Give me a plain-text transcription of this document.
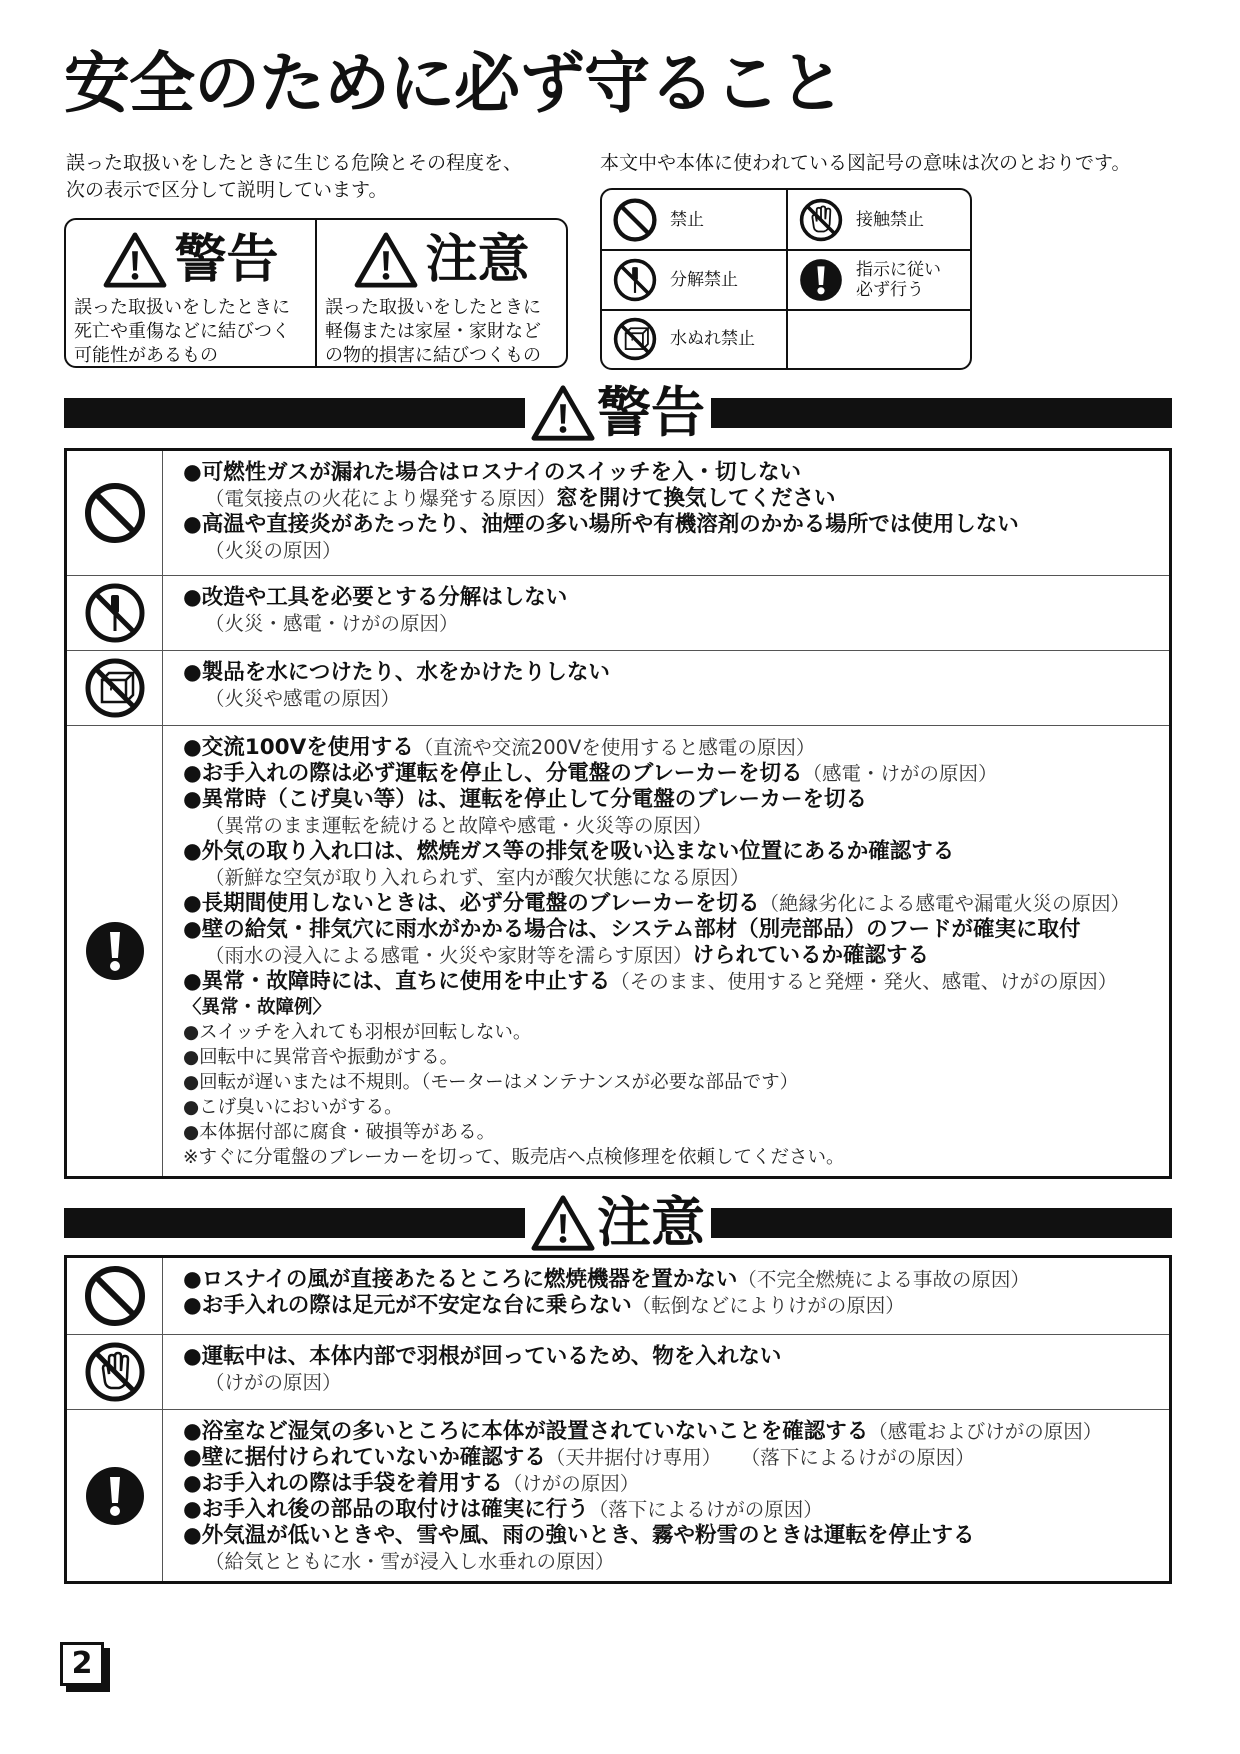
安全のために必ず守ること
誤った取扱いをしたときに生じる危険とその程度を、
次の表示で区分して説明しています。
本文中や本体に使われている図記号の意味は次のとおりです。
警告
誤った取扱いをしたときに
死亡や重傷などに結びつく
可能性があるもの
注意
誤った取扱いをしたときに
軽傷または家屋・家財など
の物的損害に結びつくもの
禁止	接触禁止
分解禁止	指示に従い必ず行う
水ぬれ禁止
警告
●可燃性ガスが漏れた場合はロスナイのスイッチを入・切しない
（電気接点の火花により爆発する原因）窓を開けて換気してください
●高温や直接炎があたったり、油煙の多い場所や有機溶剤のかかる場所では使用しない
（火災の原因）
●改造や工具を必要とする分解はしない
（火災・感電・けがの原因）
●製品を水につけたり、水をかけたりしない
（火災や感電の原因）
●交流100Vを使用する（直流や交流200Vを使用すると感電の原因）
●お手入れの際は必ず運転を停止し、分電盤のブレーカーを切る（感電・けがの原因）
●異常時（こげ臭い等）は、運転を停止して分電盤のブレーカーを切る
（異常のまま運転を続けると故障や感電・火災等の原因）
●外気の取り入れ口は、燃焼ガス等の排気を吸い込まない位置にあるか確認する
（新鮮な空気が取り入れられず、室内が酸欠状態になる原因）
●長期間使用しないときは、必ず分電盤のブレーカーを切る（絶縁劣化による感電や漏電火災の原因）
●壁の給気・排気穴に雨水がかかる場合は、システム部材（別売部品）のフードが確実に取付
（雨水の浸入による感電・火災や家財等を濡らす原因）けられているか確認する
●異常・故障時には、直ちに使用を中止する（そのまま、使用すると発煙・発火、感電、けがの原因）
〈異常・故障例〉
●スイッチを入れても羽根が回転しない。
●回転中に異常音や振動がする。
●回転が遅いまたは不規則。（モーターはメンテナンスが必要な部品です）
●こげ臭いにおいがする。
●本体据付部に腐食・破損等がある。
※すぐに分電盤のブレーカーを切って、販売店へ点検修理を依頼してください。
注意
●ロスナイの風が直接あたるところに燃焼機器を置かない（不完全燃焼による事故の原因）
●お手入れの際は足元が不安定な台に乗らない（転倒などによりけがの原因）
●運転中は、本体内部で羽根が回っているため、物を入れない
（けがの原因）
●浴室など湿気の多いところに本体が設置されていないことを確認する（感電およびけがの原因）
●壁に据付けられていないか確認する（天井据付け専用）　　（落下によるけがの原因）
●お手入れの際は手袋を着用する（けがの原因）
●お手入れ後の部品の取付けは確実に行う（落下によるけがの原因）
●外気温が低いときや、雪や風、雨の強いとき、霧や粉雪のときは運転を停止する
（給気とともに水・雪が浸入し水垂れの原因）
2
